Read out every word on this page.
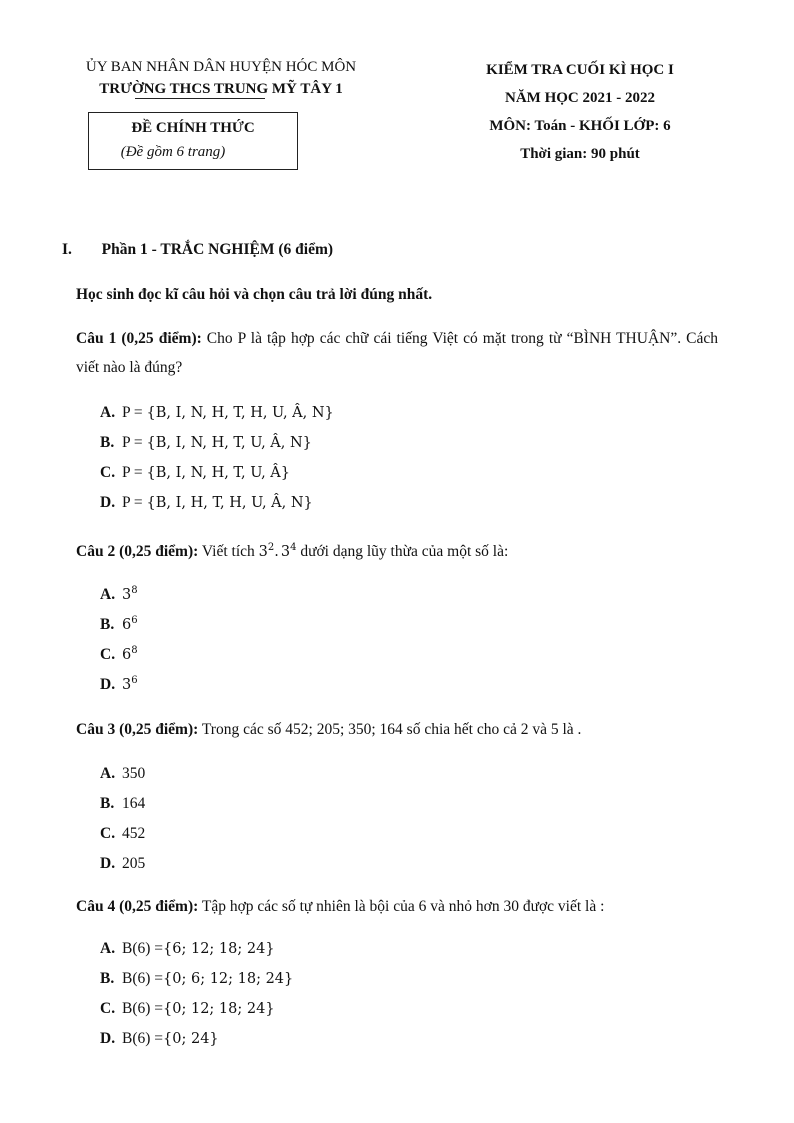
ỦY BAN NHÂN DÂN HUYỆN HÓC MÔN
TRƯỜNG THCS TRUNG MỸ TÂY 1
ĐỀ CHÍNH THỨC
(Đề gồm 6 trang)
KIỂM TRA CUỐI KÌ HỌC I
NĂM HỌC 2021 - 2022
MÔN: Toán - KHỐI LỚP: 6
Thời gian: 90 phút
I. Phần 1 - TRẮC NGHIỆM (6 điểm)
Học sinh đọc kĩ câu hỏi và chọn câu trả lời đúng nhất.
Câu 1 (0,25 điểm): Cho P là tập hợp các chữ cái tiếng Việt có mặt trong từ “BÌNH THUẬN”. Cách viết nào là đúng?
A. P = {B, I, N, H, T, H, U, Â, N}
B. P = {B, I, N, H, T, U, Â, N}
C. P = {B, I, N, H, T, U, Â}
D. P = {B, I, H, T, H, U, Â, N}
Câu 2 (0,25 điểm): Viết tích $3^2$. $3^4$ dưới dạng lũy thừa của một số là:
A. $3^8$
B. $6^6$
C. $6^8$
D. $3^6$
Câu 3 (0,25 điểm): Trong các số 452; 205; 350; 164 số chia hết cho cả 2 và 5 là .
A. 350
B. 164
C. 452
D. 205
Câu 4 (0,25 điểm): Tập hợp các số tự nhiên là bội của 6 và nhỏ hơn 30 được viết là :
A. B(6) ={6; 12; 18; 24}
B. B(6) ={0; 6; 12; 18; 24}
C. B(6) ={0; 12; 18; 24}
D. B(6) ={0; 24}
